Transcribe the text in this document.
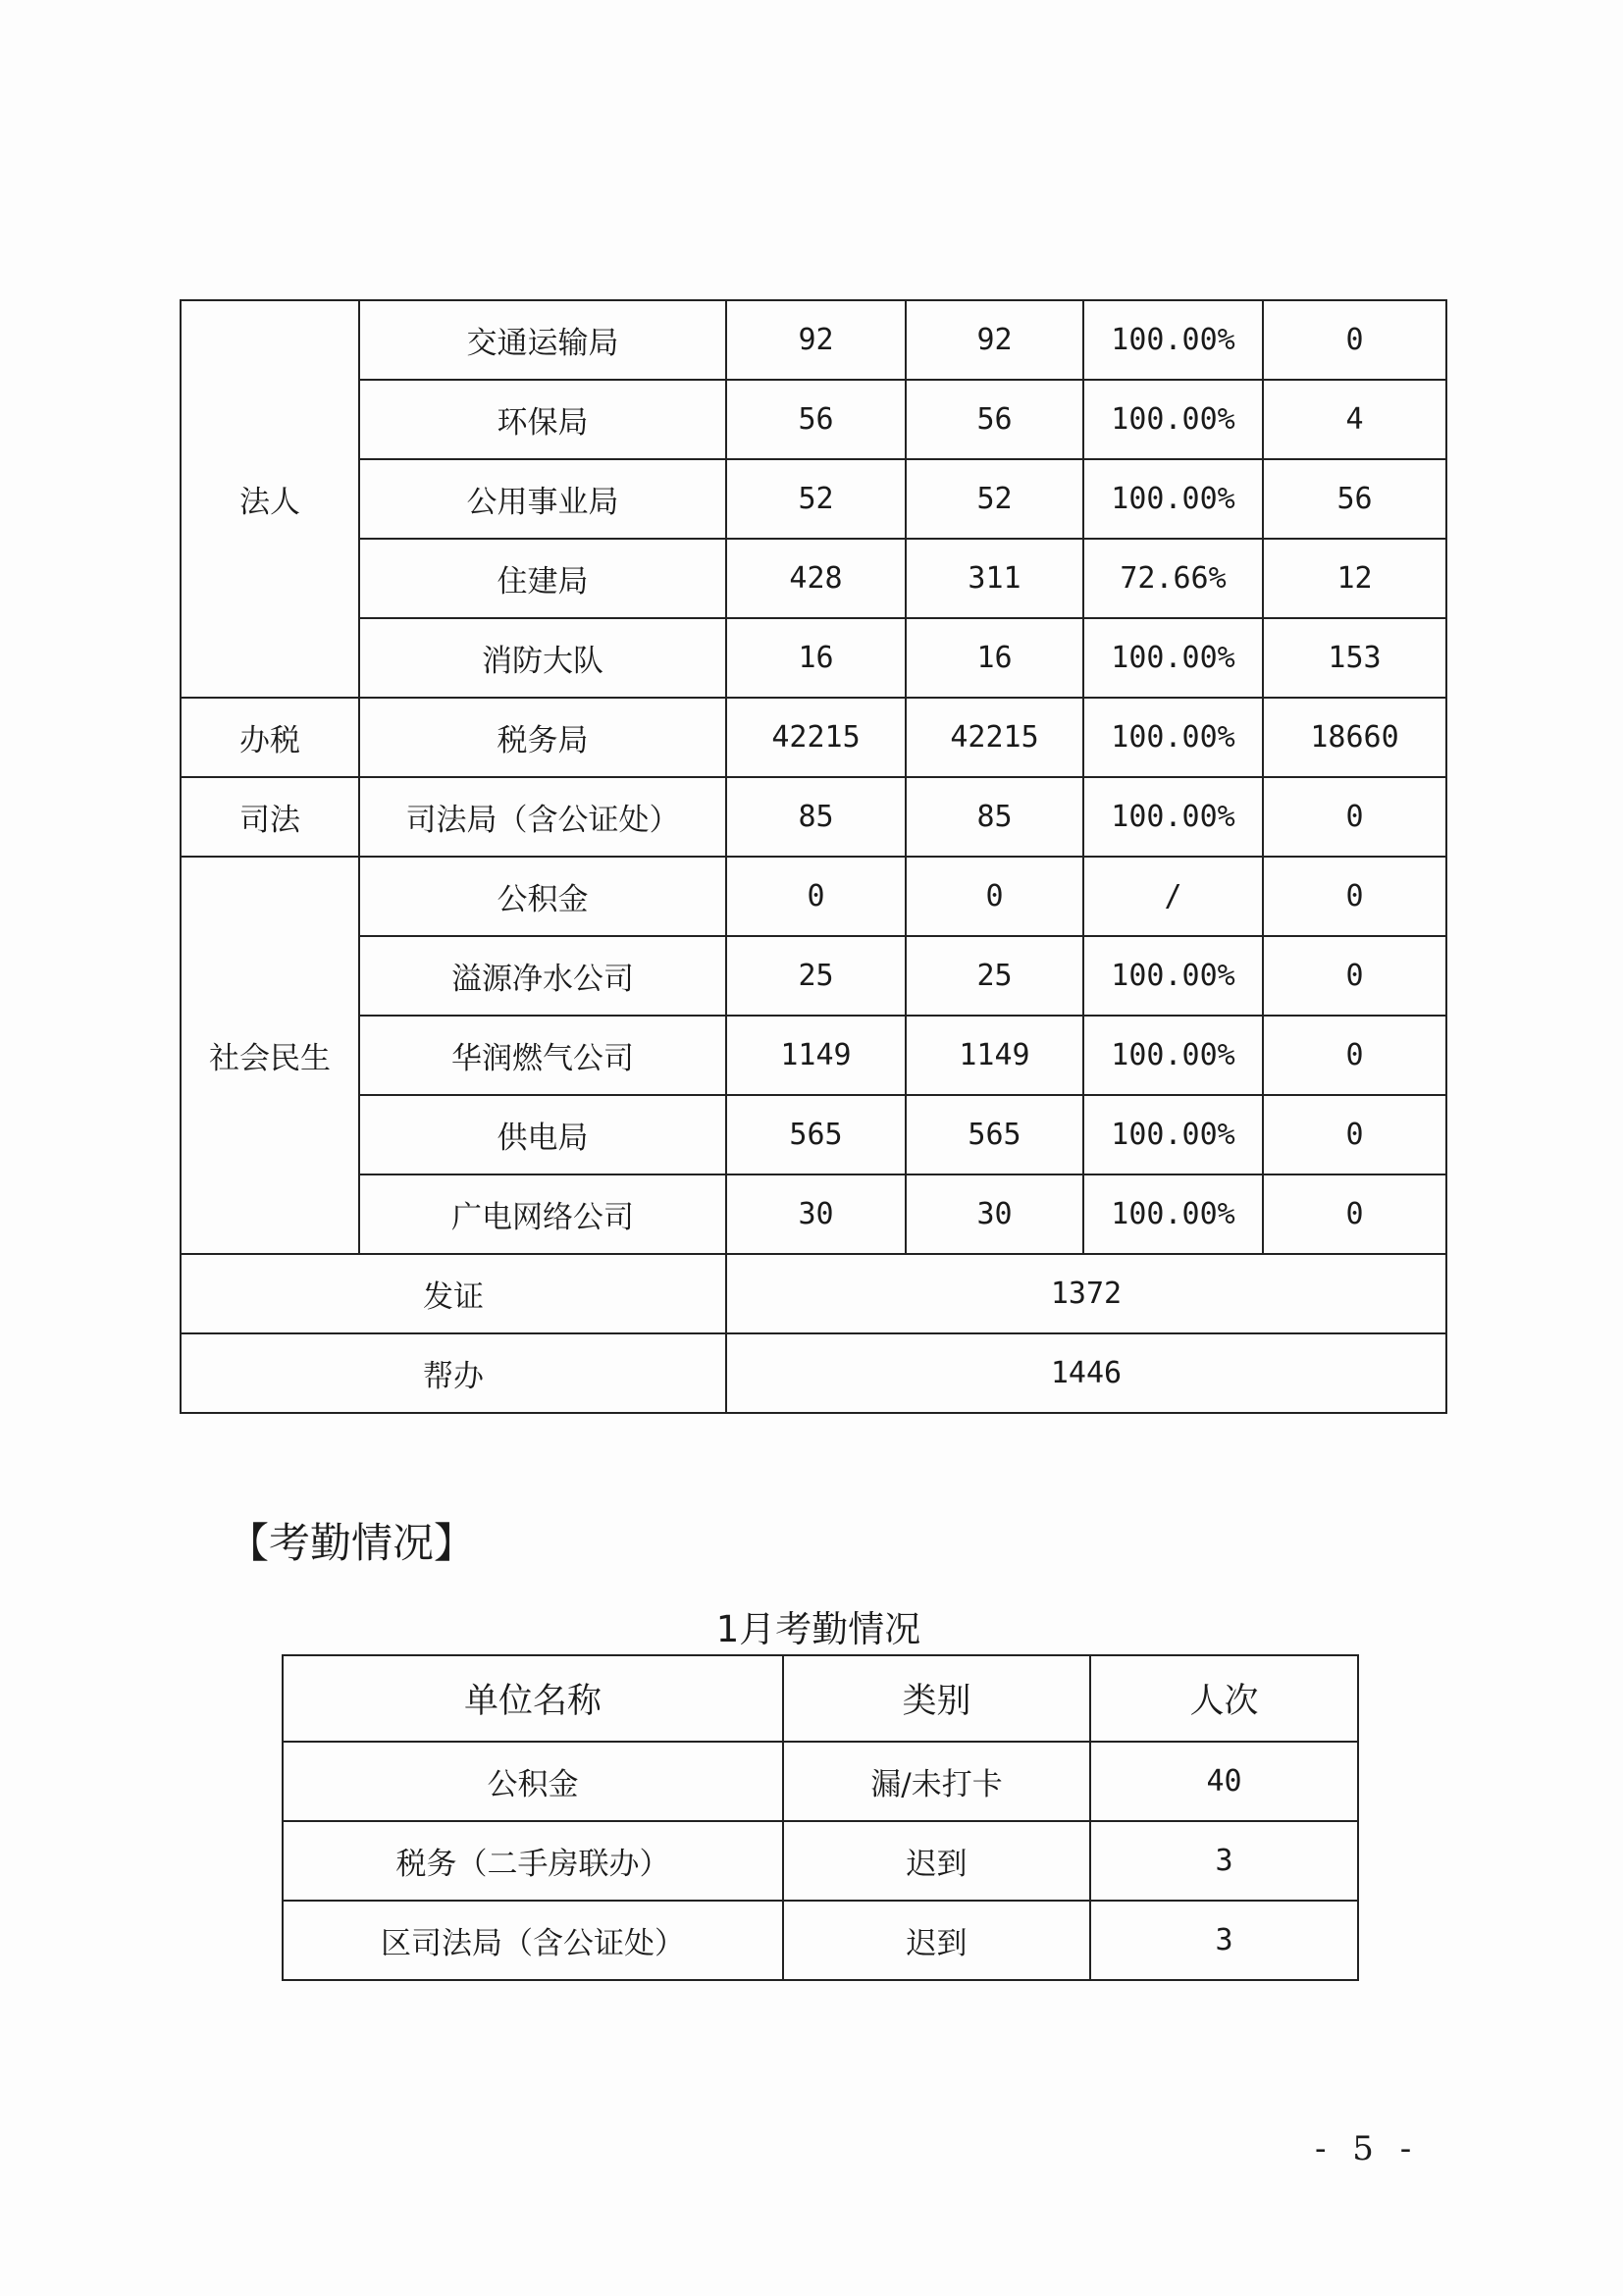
法人	交通运输局	92	92	100.00%	0
	环保局	56	56	100.00%	4
	公用事业局	52	52	100.00%	56
	住建局	428	311	72.66%	12
	消防大队	16	16	100.00%	153
办税	税务局	42215	42215	100.00%	18660
司法	司法局（含公证处）	85	85	100.00%	0
社会民生	公积金	0	0	/	0
	溢源净水公司	25	25	100.00%	0
	华润燃气公司	1149	1149	100.00%	0
	供电局	565	565	100.00%	0
	广电网络公司	30	30	100.00%	0
发证		1372			
帮办		1446			
【考勤情况】
1月考勤情况
单位名称	类别	人次
公积金	漏/未打卡	40
税务（二手房联办）	迟到	3
区司法局（含公证处）	迟到	3
- 5 -
